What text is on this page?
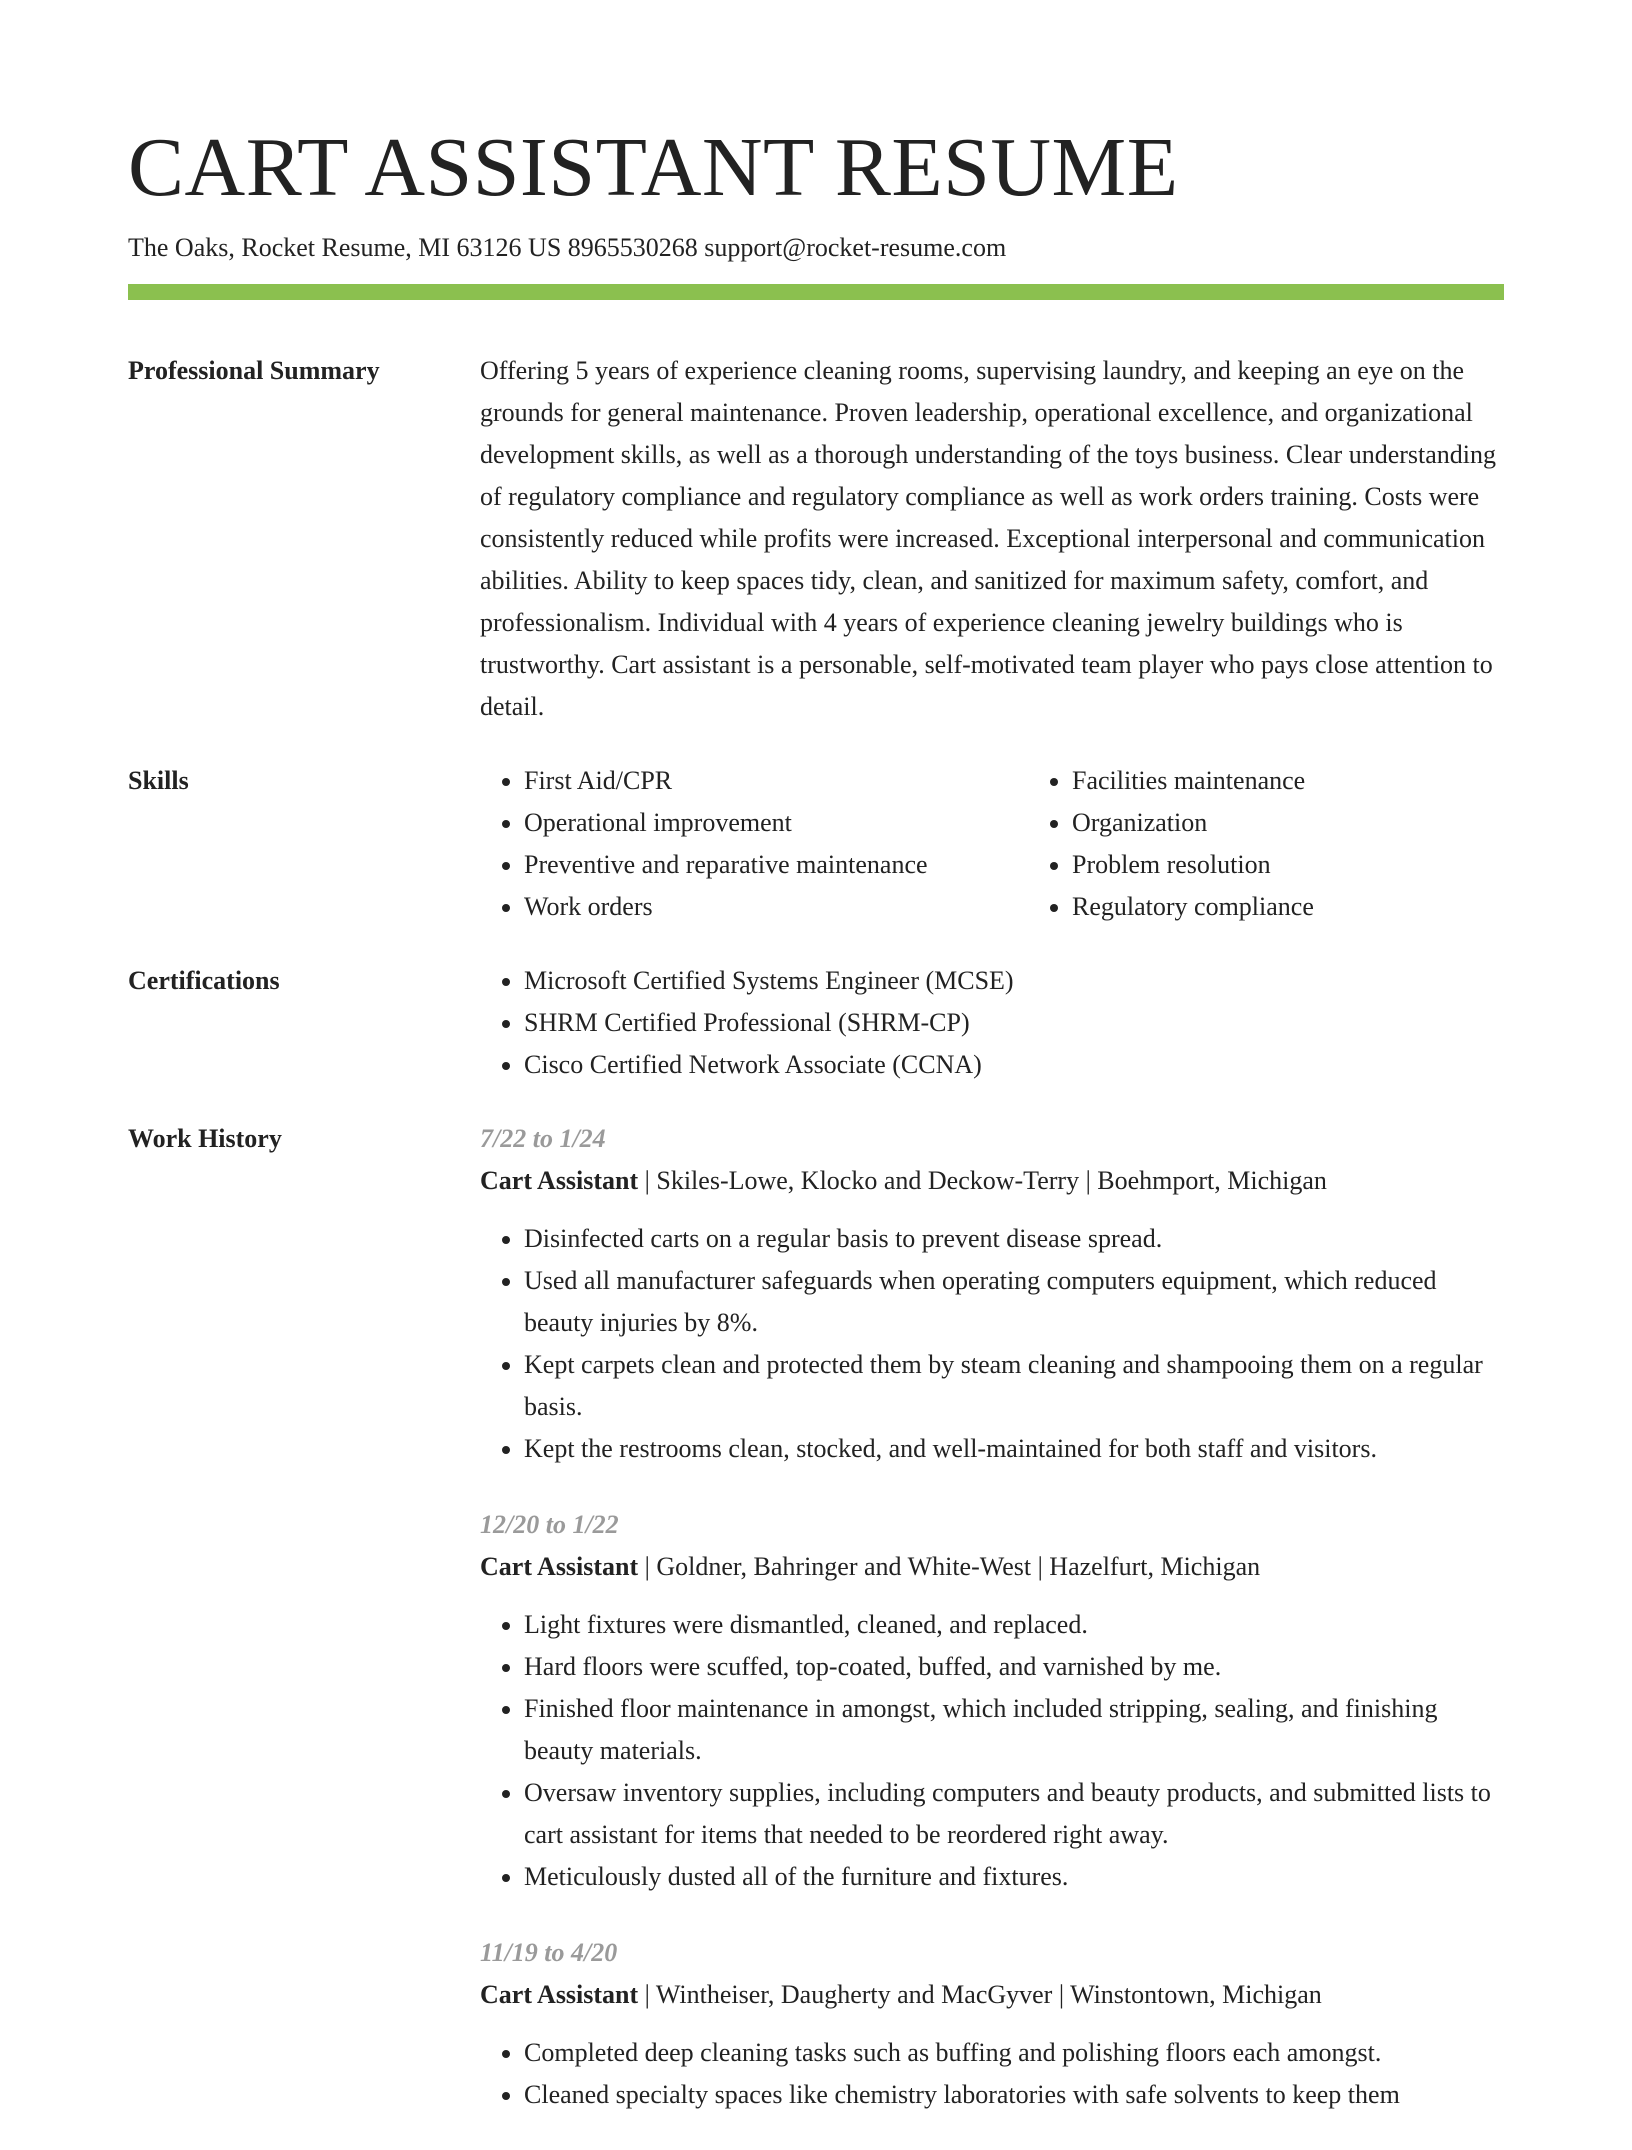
CART ASSISTANT RESUME
The Oaks, Rocket Resume, MI 63126 US 8965530268 support@rocket-resume.com
Professional Summary	Offering 5 years of experience cleaning rooms, supervising laundry, and keeping an eye on the grounds for general maintenance. Proven leadership, operational excellence, and organizational development skills, as well as a thorough understanding of the toys business. Clear understanding of regulatory compliance and regulatory compliance as well as work orders training. Costs were consistently reduced while profits were increased. Exceptional interpersonal and communication abilities. Ability to keep spaces tidy, clean, and sanitized for maximum safety, comfort, and professionalism. Individual with 4 years of experience cleaning jewelry buildings who is trustworthy. Cart assistant is a personable, self-motivated team player who pays close attention to detail.
Skills	• First Aid/CPR
• Operational improvement
• Preventive and reparative maintenance
• Work orders
• Facilities maintenance
• Organization
• Problem resolution
• Regulatory compliance
Certifications	• Microsoft Certified Systems Engineer (MCSE)
• SHRM Certified Professional (SHRM-CP)
• Cisco Certified Network Associate (CCNA)
Work History	7/22 to 1/24
Cart Assistant | Skiles-Lowe, Klocko and Deckow-Terry | Boehmport, Michigan
• Disinfected carts on a regular basis to prevent disease spread.
• Used all manufacturer safeguards when operating computers equipment, which reduced beauty injuries by 8%.
• Kept carpets clean and protected them by steam cleaning and shampooing them on a regular basis.
• Kept the restrooms clean, stocked, and well-maintained for both staff and visitors.
12/20 to 1/22
Cart Assistant | Goldner, Bahringer and White-West | Hazelfurt, Michigan
• Light fixtures were dismantled, cleaned, and replaced.
• Hard floors were scuffed, top-coated, buffed, and varnished by me.
• Finished floor maintenance in amongst, which included stripping, sealing, and finishing beauty materials.
• Oversaw inventory supplies, including computers and beauty products, and submitted lists to cart assistant for items that needed to be reordered right away.
• Meticulously dusted all of the furniture and fixtures.
11/19 to 4/20
Cart Assistant | Wintheiser, Daugherty and MacGyver | Winstontown, Michigan
• Completed deep cleaning tasks such as buffing and polishing floors each amongst.
• Cleaned specialty spaces like chemistry laboratories with safe solvents to keep them
